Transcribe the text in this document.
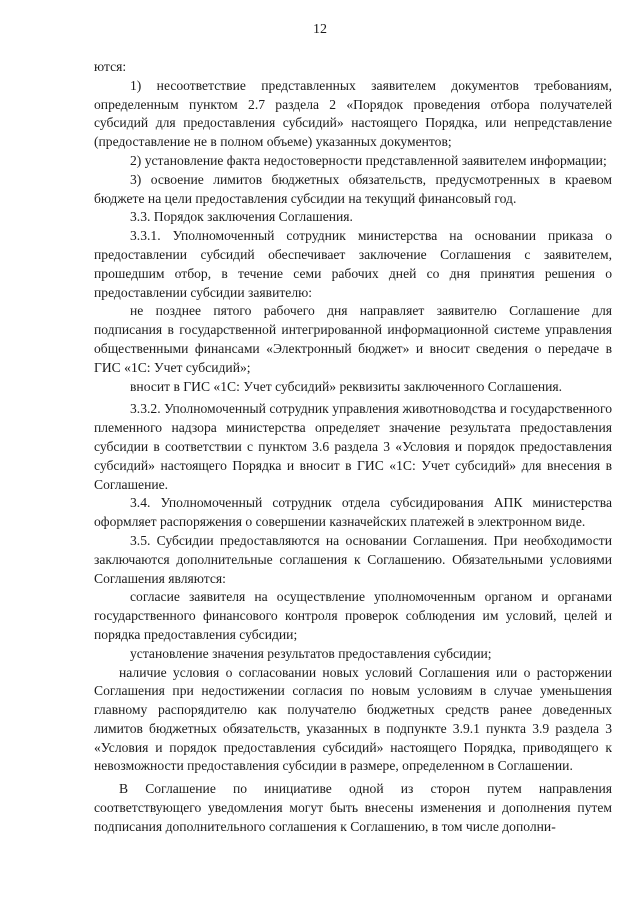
12

ются:

1) несоответствие представленных заявителем документов требованиям, определенным пунктом 2.7 раздела 2 «Порядок проведения отбора получателей субсидий для предоставления субсидий» настоящего Порядка, или непредставление (предоставление не в полном объеме) указанных документов;

2) установление факта недостоверности представленной заявителем информации;

3) освоение лимитов бюджетных обязательств, предусмотренных в краевом бюджете на цели предоставления субсидии на текущий финансовый год.

3.3. Порядок заключения Соглашения.

3.3.1. Уполномоченный сотрудник министерства на основании приказа о предоставлении субсидий обеспечивает заключение Соглашения с заявителем, прошедшим отбор, в течение семи рабочих дней со дня принятия решения о предоставлении субсидии заявителю:

не позднее пятого рабочего дня направляет заявителю Соглашение для подписания в государственной интегрированной информационной системе управления общественными финансами «Электронный бюджет» и вносит сведения о передаче в ГИС «1С: Учет субсидий»;

вносит в ГИС «1С: Учет субсидий» реквизиты заключенного Соглашения.

3.3.2. Уполномоченный сотрудник управления животноводства и государственного племенного надзора министерства определяет значение результата предоставления субсидии в соответствии с пунктом 3.6 раздела 3 «Условия и порядок предоставления субсидий» настоящего Порядка и вносит в ГИС «1С: Учет субсидий» для внесения в Соглашение.

3.4. Уполномоченный сотрудник отдела субсидирования АПК министерства оформляет распоряжения о совершении казначейских платежей в электронном виде.

3.5. Субсидии предоставляются на основании Соглашения. При необходимости заключаются дополнительные соглашения к Соглашению. Обязательными условиями Соглашения являются:

согласие заявителя на осуществление уполномоченным органом и органами государственного финансового контроля проверок соблюдения им условий, целей и порядка предоставления субсидии;

установление значения результатов предоставления субсидии;

наличие условия о согласовании новых условий Соглашения или о расторжении Соглашения при недостижении согласия по новым условиям в случае уменьшения главному распорядителю как получателю бюджетных средств ранее доведенных лимитов бюджетных обязательств, указанных в подпункте 3.9.1 пункта 3.9 раздела 3 «Условия и порядок предоставления субсидий» настоящего Порядка, приводящего к невозможности предоставления субсидии в размере, определенном в Соглашении.

В Соглашение по инициативе одной из сторон путем направления соответствующего уведомления могут быть внесены изменения и дополнения путем подписания дополнительного соглашения к Соглашению, в том числе дополни-
